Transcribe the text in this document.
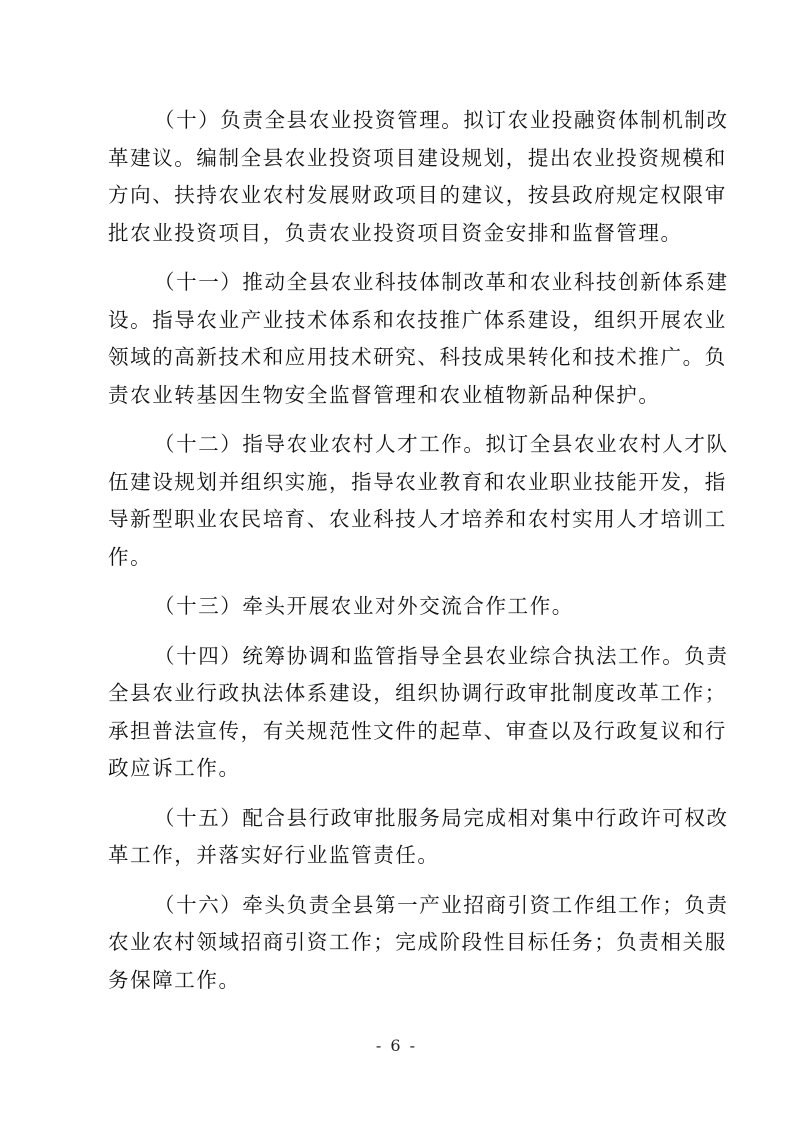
（十）负责全县农业投资管理。拟订农业投融资体制机制改
革建议。编制全县农业投资项目建设规划，提出农业投资规模和
方向、扶持农业农村发展财政项目的建议，按县政府规定权限审
批农业投资项目，负责农业投资项目资金安排和监督管理。

（十一）推动全县农业科技体制改革和农业科技创新体系建
设。指导农业产业技术体系和农技推广体系建设，组织开展农业
领域的高新技术和应用技术研究、科技成果转化和技术推广。负
责农业转基因生物安全监督管理和农业植物新品种保护。

（十二）指导农业农村人才工作。拟订全县农业农村人才队
伍建设规划并组织实施，指导农业教育和农业职业技能开发，指
导新型职业农民培育、农业科技人才培养和农村实用人才培训工
作。

（十三）牵头开展农业对外交流合作工作。

（十四）统筹协调和监管指导全县农业综合执法工作。负责
全县农业行政执法体系建设，组织协调行政审批制度改革工作；
承担普法宣传，有关规范性文件的起草、审查以及行政复议和行
政应诉工作。

（十五）配合县行政审批服务局完成相对集中行政许可权改
革工作，并落实好行业监管责任。

（十六）牵头负责全县第一产业招商引资工作组工作；负责
农业农村领域招商引资工作；完成阶段性目标任务；负责相关服
务保障工作。

- 6 -
